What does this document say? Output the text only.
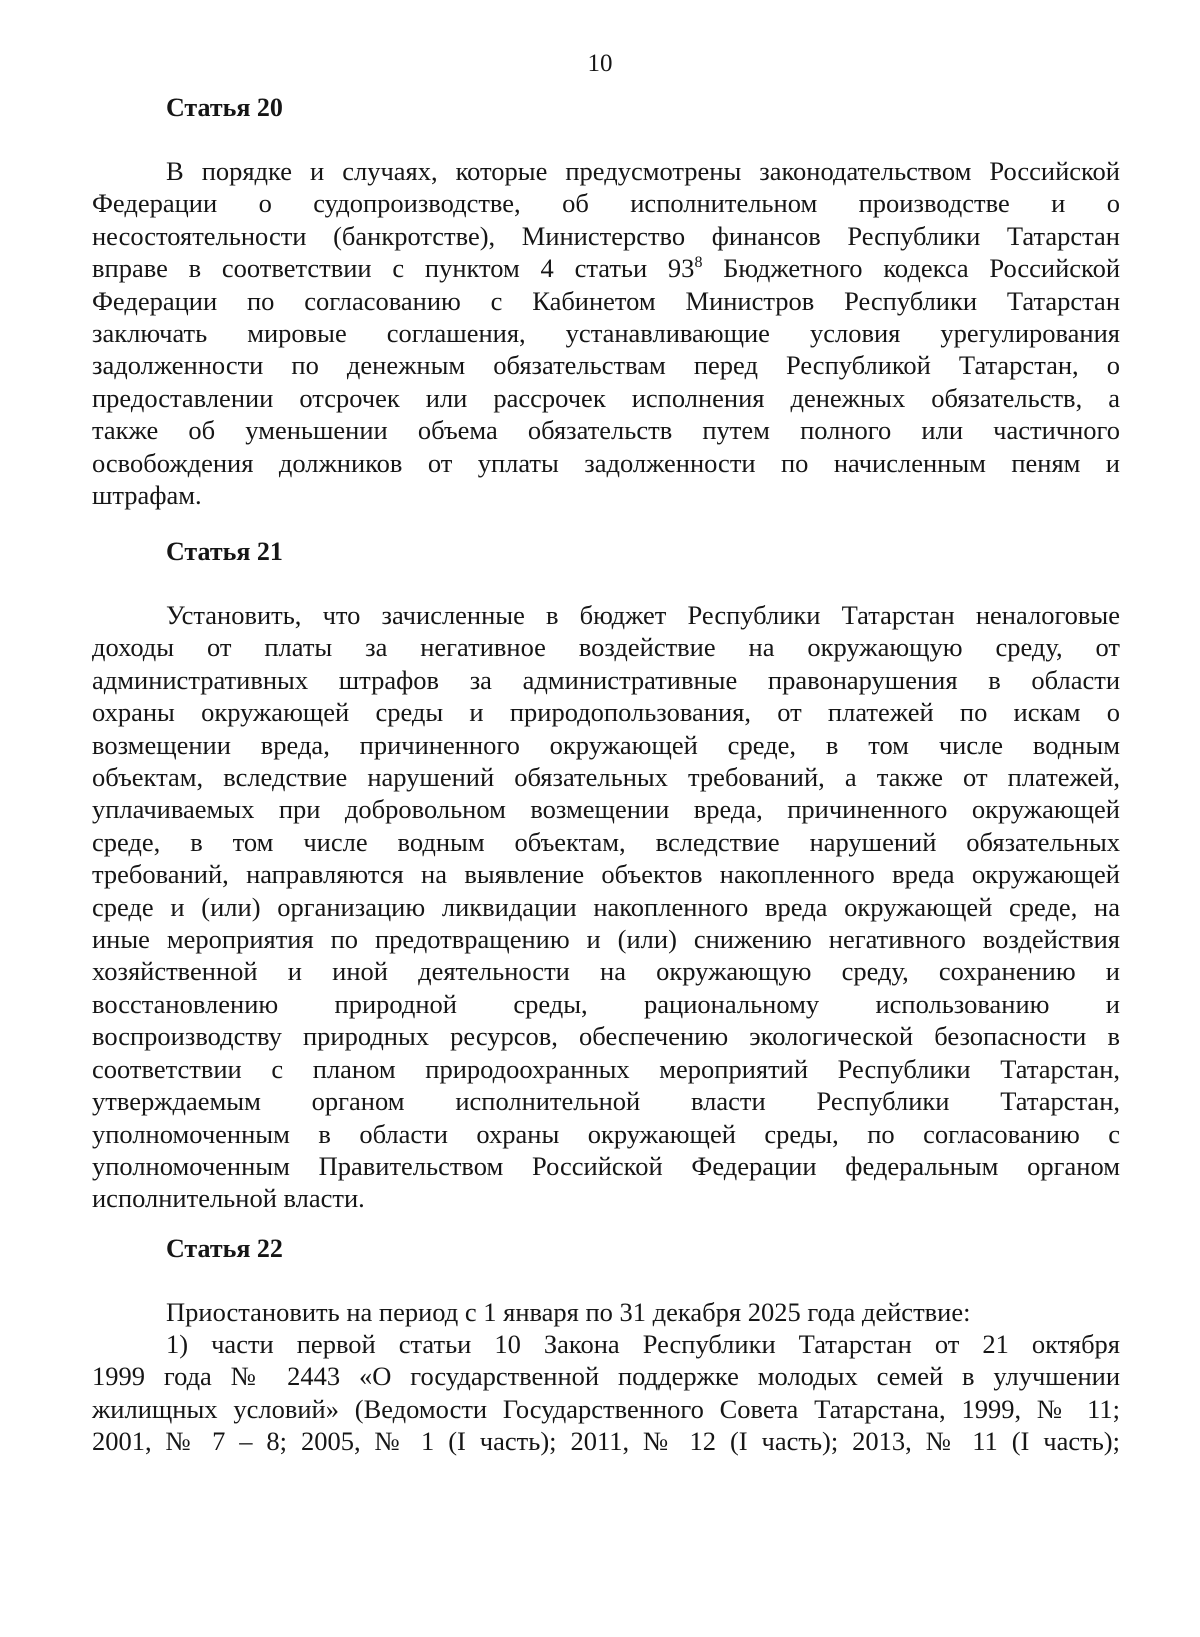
10
Статья 20
В порядке и случаях, которые предусмотрены законодательством Российской
Федерации о судопроизводстве, об исполнительном производстве и о
несостоятельности (банкротстве), Министерство финансов Республики Татарстан
вправе в соответствии с пунктом 4 статьи $93^8$ Бюджетного кодекса Российской
Федерации по согласованию с Кабинетом Министров Республики Татарстан
заключать мировые соглашения, устанавливающие условия урегулирования
задолженности по денежным обязательствам перед Республикой Татарстан, о
предоставлении отсрочек или рассрочек исполнения денежных обязательств, а
также об уменьшении объема обязательств путем полного или частичного
освобождения должников от уплаты задолженности по начисленным пеням и
штрафам.
Статья 21
Установить, что зачисленные в бюджет Республики Татарстан неналоговые
доходы от платы за негативное воздействие на окружающую среду, от
административных штрафов за административные правонарушения в области
охраны окружающей среды и природопользования, от платежей по искам о
возмещении вреда, причиненного окружающей среде, в том числе водным
объектам, вследствие нарушений обязательных требований, а также от платежей,
уплачиваемых при добровольном возмещении вреда, причиненного окружающей
среде, в том числе водным объектам, вследствие нарушений обязательных
требований, направляются на выявление объектов накопленного вреда окружающей
среде и (или) организацию ликвидации накопленного вреда окружающей среде, на
иные мероприятия по предотвращению и (или) снижению негативного воздействия
хозяйственной и иной деятельности на окружающую среду, сохранению и
восстановлению природной среды, рациональному использованию и
воспроизводству природных ресурсов, обеспечению экологической безопасности в
соответствии с планом природоохранных мероприятий Республики Татарстан,
утверждаемым органом исполнительной власти Республики Татарстан,
уполномоченным в области охраны окружающей среды, по согласованию с
уполномоченным Правительством Российской Федерации федеральным органом
исполнительной власти.
Статья 22
Приостановить на период с 1 января по 31 декабря 2025 года действие:
1) части первой статьи 10 Закона Республики Татарстан от 21 октября
1999 года № 2443 «О государственной поддержке молодых семей в улучшении
жилищных условий» (Ведомости Государственного Совета Татарстана, 1999, № 11;
2001, № 7 – 8; 2005, № 1 (I часть); 2011, № 12 (I часть); 2013, № 11 (I часть);
